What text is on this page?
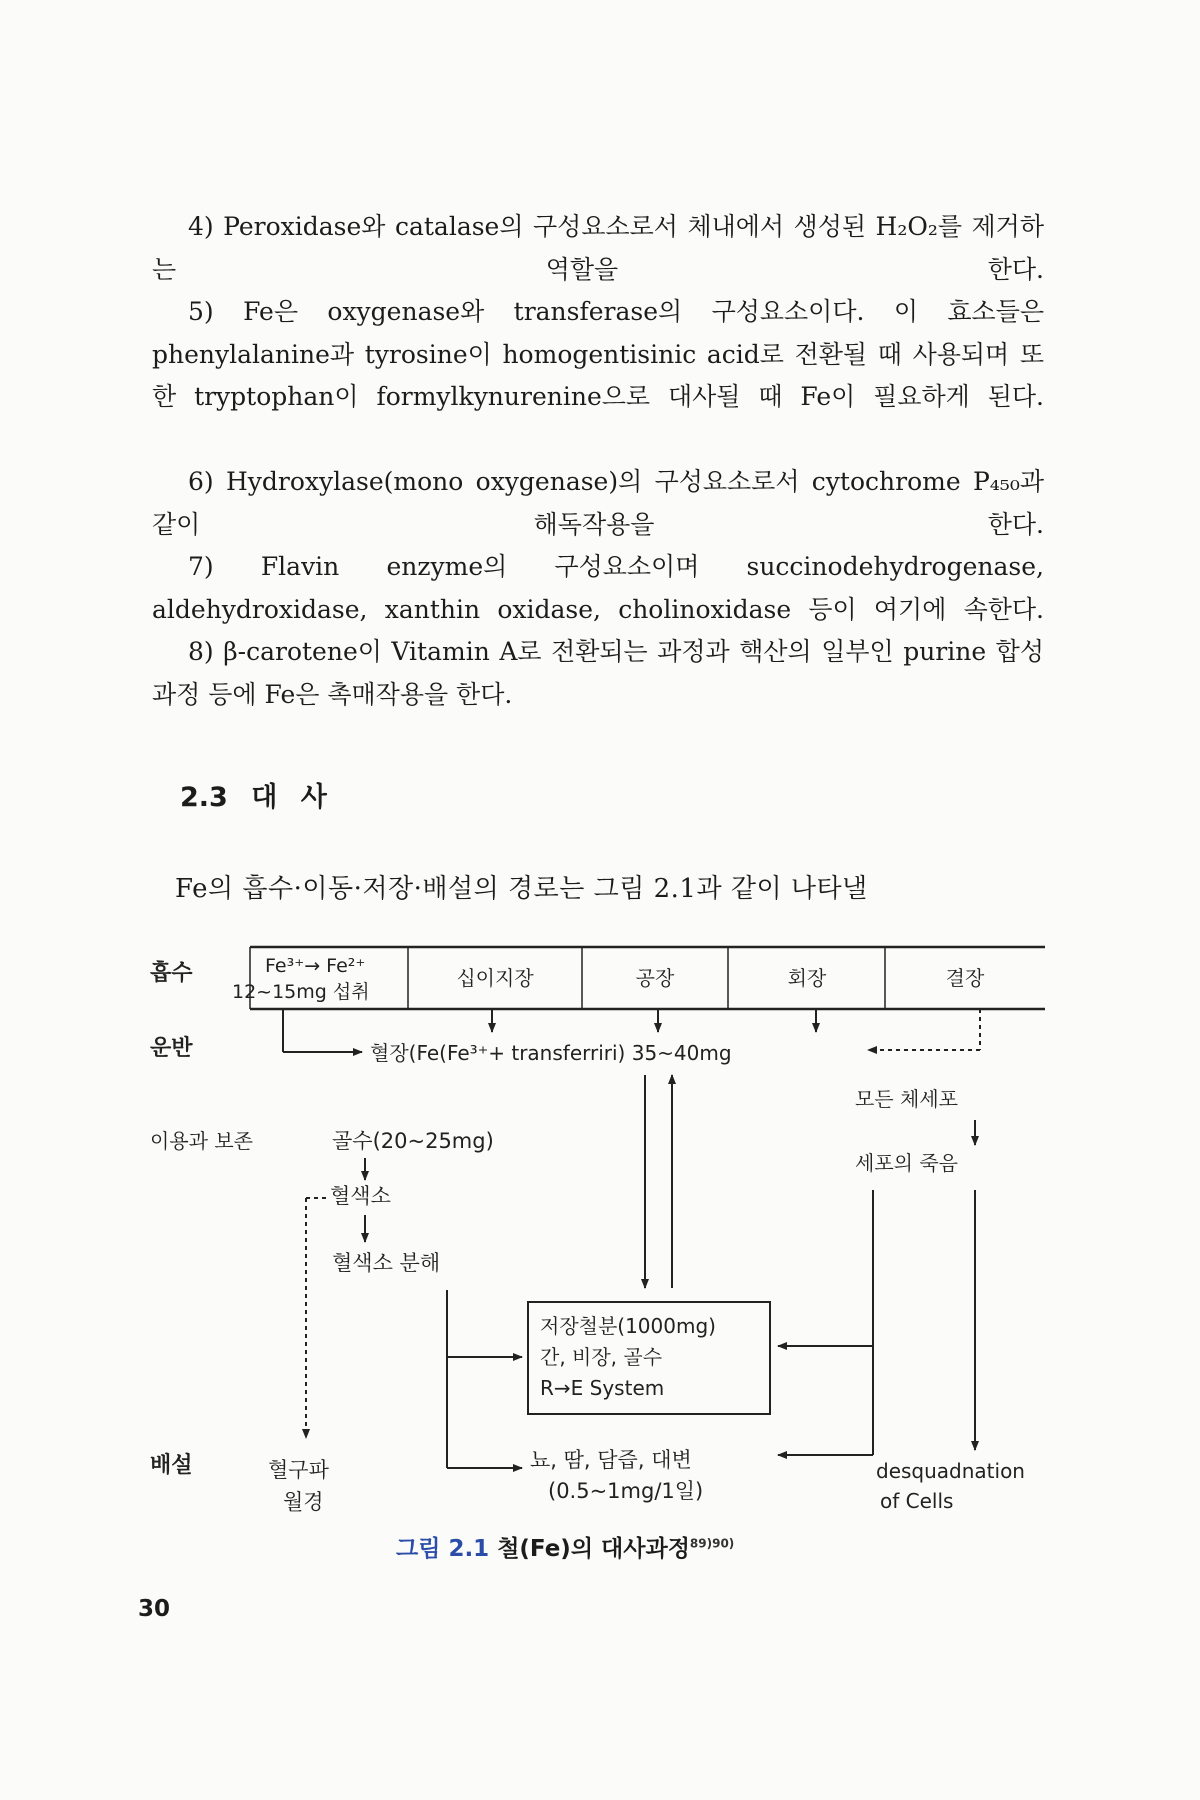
4) Peroxidase와 catalase의 구성요소로서 체내에서 생성된 H₂O₂를 제거하는 역할을 한다.

5) Fe은 oxygenase와 transferase의 구성요소이다. 이 효소들은 phenylalanine과 tyrosine이 homogentisinic acid로 전환될 때 사용되며 또한 tryptophan이 formylkynurenine으로 대사될 때 Fe이 필요하게 된다.

6) Hydroxylase(mono oxygenase)의 구성요소로서 cytochrome P₄₅₀과 같이 해독작용을 한다.

7) Flavin enzyme의 구성요소이며 succinodehydrogenase, aldehydroxidase, xanthin oxidase, cholinoxidase 등이 여기에 속한다.

8) β-carotene이 Vitamin A로 전환되는 과정과 핵산의 일부인 purine 합성과정 등에 Fe은 촉매작용을 한다.

2.3 대 사

Fe의 흡수·이동·저장·배설의 경로는 그림 2.1과 같이 나타낼

흡수
운반
이용과 보존
배설
Fe³⁺→ Fe²⁺
12~15mg 섭취
십이지장	공장	회장	결장
혈장(Fe(Fe³⁺+ transferriri) 35~40mg
모든 체세포
세포의 죽음
골수(20~25mg)
혈색소
혈색소 분해
저장철분(1000mg)
간, 비장, 골수
R→E System
혈구파
월경
뇨, 땀, 담즙, 대변
(0.5~1mg/1일)
desquadnation
of Cells

그림 2.1 철(Fe)의 대사과정$^{89)90)}$

30
